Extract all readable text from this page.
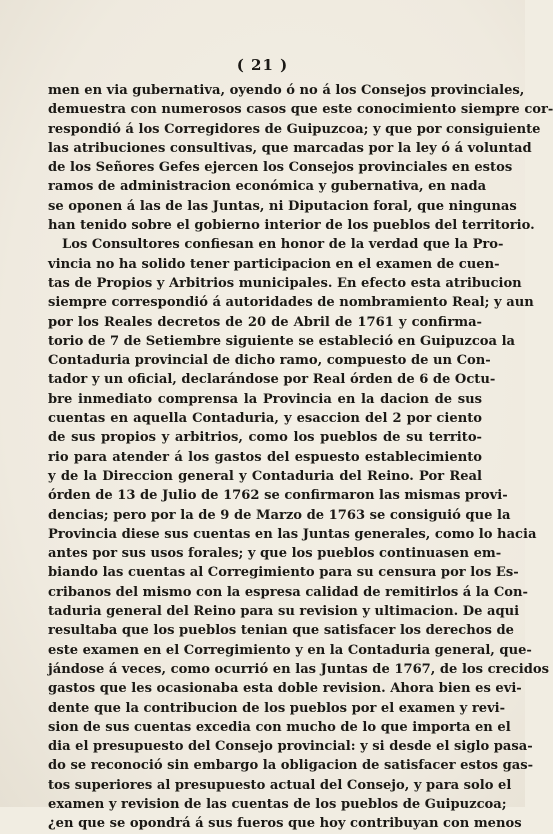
( 21 )
men en via gubernativa, oyendo ó no á los Consejos provinciales,
demuestra con numerosos casos que este conocimiento siempre cor-
respondió á los Corregidores de Guipuzcoa; y que por consiguiente
las atribuciones consultivas, que marcadas por la ley ó á voluntad
de los Señores Gefes ejercen los Consejos provinciales en estos
ramos de administracion económica y gubernativa, en nada
se oponen á las de las Juntas, ni Diputacion foral, que ningunas
han tenido sobre el gobierno interior de los pueblos del territorio.
Los Consultores confiesan en honor de la verdad que la Pro-
vincia no ha solido tener participacion en el examen de cuen-
tas de Propios y Arbitrios municipales. En efecto esta atribucion
siempre correspondió á autoridades de nombramiento Real; y aun
por los Reales decretos de 20 de Abril de 1761 y confirma-
torio de 7 de Setiembre siguiente se estableció en Guipuzcoa la
Contaduria provincial de dicho ramo, compuesto de un Con-
tador y un oficial, declarándose por Real órden de 6 de Octu-
bre inmediato comprensa la Provincia en la dacion de sus
cuentas en aquella Contaduria, y esaccion del 2 por ciento
de sus propios y arbitrios, como los pueblos de su territo-
rio para atender á los gastos del espuesto establecimiento
y de la Direccion general y Contaduria del Reino. Por Real
órden de 13 de Julio de 1762 se confirmaron las mismas provi-
dencias; pero por la de 9 de Marzo de 1763 se consiguió que la
Provincia diese sus cuentas en las Juntas generales, como lo hacia
antes por sus usos forales; y que los pueblos continuasen em-
biando las cuentas al Corregimiento para su censura por los Es-
cribanos del mismo con la espresa calidad de remitirlos á la Con-
taduria general del Reino para su revision y ultimacion. De aqui
resultaba que los pueblos tenian que satisfacer los derechos de
este examen en el Corregimiento y en la Contaduria general, que-
jándose á veces, como ocurrió en las Juntas de 1767, de los crecidos
gastos que les ocasionaba esta doble revision. Ahora bien es evi-
dente que la contribucion de los pueblos por el examen y revi-
sion de sus cuentas excedia con mucho de lo que importa en el
dia el presupuesto del Consejo provincial: y si desde el siglo pasa-
do se reconoció sin embargo la obligacion de satisfacer estos gas-
tos superiores al presupuesto actual del Consejo, y para solo el
examen y revision de las cuentas de los pueblos de Guipuzcoa;
¿en que se opondrá á sus fueros que hoy contribuyan con menos
